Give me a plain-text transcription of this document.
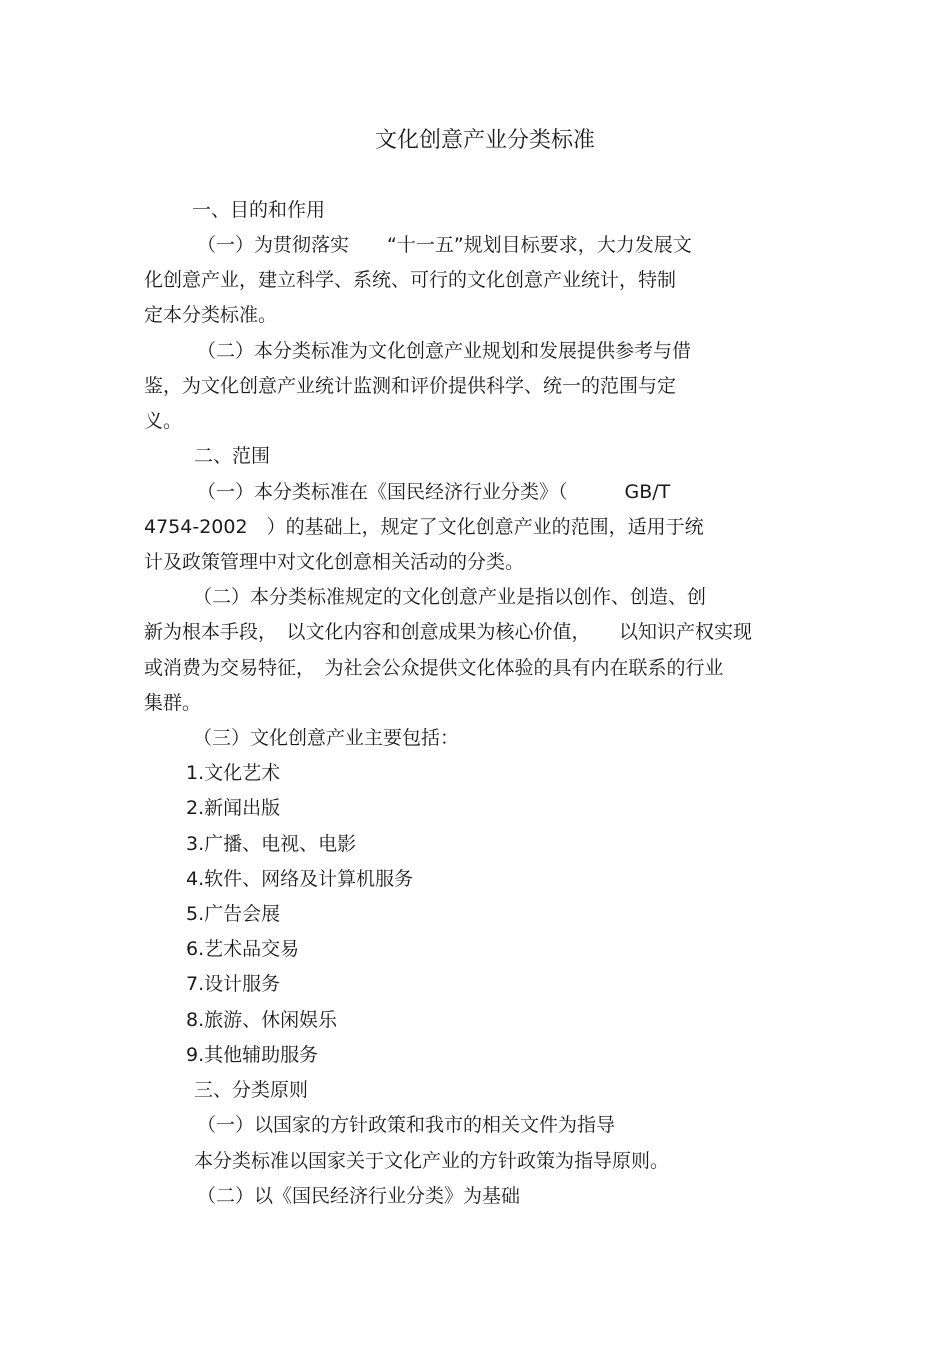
文化创意产业分类标准
一、目的和作用
（一）为贯彻落实　　“十一五”规划目标要求，大力发展文
化创意产业，建立科学、系统、可行的文化创意产业统计，特制
定本分类标准。
（二）本分类标准为文化创意产业规划和发展提供参考与借
鉴，为文化创意产业统计监测和评价提供科学、统一的范围与定
义。
二、范围
（一）本分类标准在《国民经济行业分类》（　　　GB/T
4754-2002　）的基础上，规定了文化创意产业的范围，适用于统
计及政策管理中对文化创意相关活动的分类。
（二）本分类标准规定的文化创意产业是指以创作、创造、创
新为根本手段，　以文化内容和创意成果为核心价值，　　以知识产权实现
或消费为交易特征，　为社会公众提供文化体验的具有内在联系的行业
集群。
（三）文化创意产业主要包括：
1.文化艺术
2.新闻出版
3.广播、电视、电影
4.软件、网络及计算机服务
5.广告会展
6.艺术品交易
7.设计服务
8.旅游、休闲娱乐
9.其他辅助服务
三、分类原则
（一）以国家的方针政策和我市的相关文件为指导
本分类标准以国家关于文化产业的方针政策为指导原则。
（二）以《国民经济行业分类》为基础
